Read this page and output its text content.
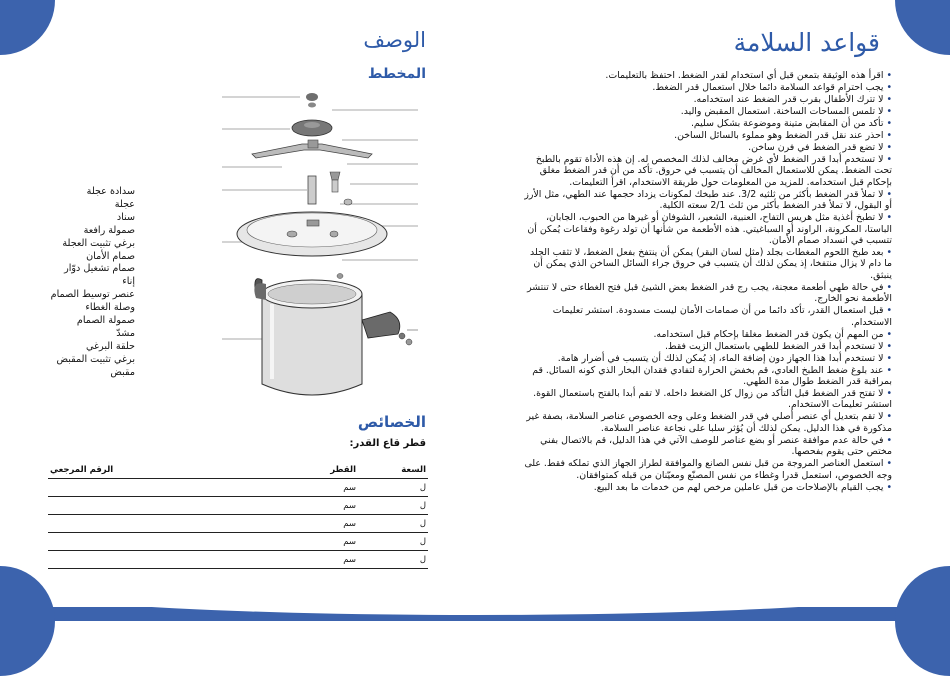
قواعد السلامة
• اقرأ هذه الوثيقة بتمعن قبل أي استخدام لقدر الضغط. احتفظ بالتعليمات.
• يجب احترام قواعد السلامة دائما خلال استعمال قدر الضغط.
• لا تترك الأطفال بقرب قدر الضغط عند استخدامه.
• لا تلمس المساحات الساخنة. استعمال المقبض واليد.
• تأكد من أن المقابض متينة وموضوعة بشكل سليم.
• احذر عند نقل قدر الضغط وهو مملوء بالسائل الساخن.
• لا تضع قدر الضغط في فرن ساخن.
• لا تستخدم أبدا قدر الضغط لأي غرض مخالف لذلك المخصص له. إن هذه الأداة تقوم بالطبخ تحت الضغط. يمكن للاستعمال المخالف أن يتسبب في حروق. تأكد من أن قدر الضغط مغلق بإحكام قبل استخدامه. للمزيد من المعلومات حول طريقة الاستخدام، اقرأ التعليمات.
• لا تملأ قدر الضغط بأكثر من ثلثيه 3/2. عند طبخك لمكونات يزداد حجمها عند الطهي، مثل الأرز أو البقول، لا تملأ قدر الضغط بأكثر من ثلث 2/1 سعته الكلية.
• لا تطبخ أغذية مثل هريس التفاح، العنبية، الشعير، الشوفان أو غيرها من الحبوب، الجابان، الباستا، المكرونة، الراوند أو السباغيتي. هذه الأطعمة من شأنها أن تولد رغوة وفقاعات يُمكن أن تتسبب في انسداد صمام الأمان.
• بعد طبخ اللحوم المغطات بجلد (مثل لسان البقر) يمكن أن ينتفخ بفعل الضغط، لا تثقب الجلد ما دام لا يزال منتفخا، إذ يمكن لذلك أن يتسبب في حروق جراء السائل الساخن الذي يمكن أن ينبثق.
• في حالة طهي أطعمة معجنة، يجب رج قدر الضغط بعض الشيئ قبل فتح الغطاء حتى لا تنتشر الأطعمة نحو الخارج.
• قبل استعمال القدر، تأكد دائما من أن صمامات الأمان ليست مسدودة. استشر تعليمات الاستخدام.
• من المهم أن يكون قدر الضغط مغلقا بإحكام قبل استخدامه.
• لا تستخدم أبدا قدر الضغط للطهي باستعمال الزيت فقط.
• لا تستخدم أبدا هذا الجهاز دون إضافة الماء، إذ يُمكن لذلك أن يتسبب في أضرار هامة.
• عند بلوغ ضغط الطبخ العادي، قم بخفض الحرارة لتفادي فقدان البخار الذي كونه السائل. قم بمراقبة قدر الضغط طوال مدة الطهي.
• لا تفتح قدر الضغط قبل التأكد من زوال كل الضغط داخله. لا تقم أبدا بالفتح باستعمال القوة. استشر تعليمات الاستخدام.
• لا تقم بتعديل أي عنصر أصلي في قدر الضغط وعلى وجه الخصوص عناصر السلامة، بصفة غير مذكورة في هذا الدليل. يمكن لذلك أن يُؤثر سلبا على نجاعة عناصر السلامة.
• في حالة عدم موافقة عنصر أو بضع عناصر للوصف الآتي في هذا الدليل، قم بالاتصال بفني مختص حتى يقوم بفحصها.
• استعمل العناصر المروجة من قبل نفس الصانع والموافقة لطراز الجهاز الذي تملكه فقط. على وجه الخصوص، استعمل قدرا وغطاء من نفس المصنّع ومعيّنان من قبله كمتوافقان.
• يجب القيام بالإصلاحات من قبل عاملين مرخص لهم من خدمات ما بعد البيع.
الوصف
المخطط
سدادة عجلة
عجلة
سناد
صمولة رافعة
برغي تثبيت العجلة
صمام الأمان
صمام تشغيل دوّار
إناء
عنصر توسيط الصمام
وصلة الغطاء
صمولة الصمام
مشدّ
حلقة البرغي
برغي تثبيت المقبض
مقبض
الخصائص
قطر قاع القدر:
السعة	القطر	الرقم المرجعي
ل	سم	
ل	سم	
ل	سم	
ل	سم	
ل	سم	
